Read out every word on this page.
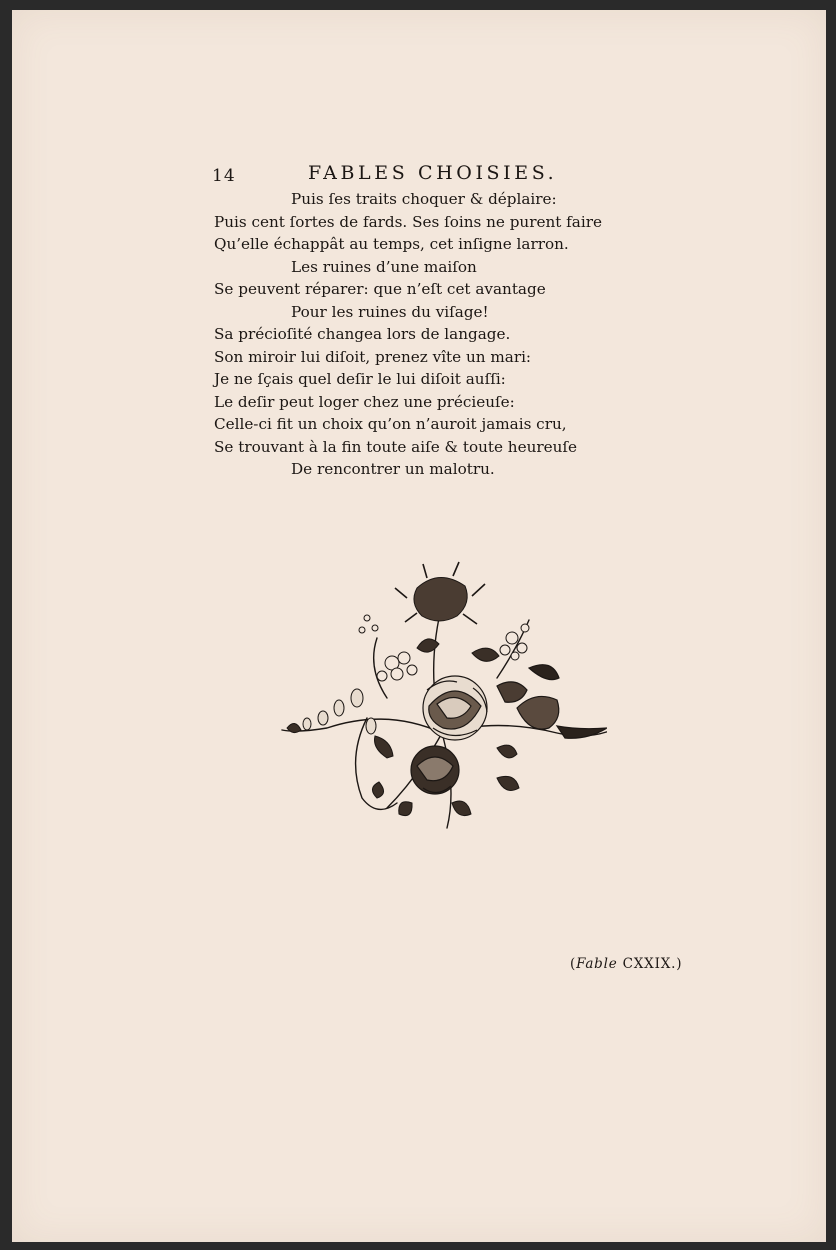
14	FABLES CHOISIES.
Puis ſes traits choquer & déplaire:
Puis cent ſortes de fards. Ses ſoins ne purent faire
Qu’elle échappât au temps, cet inſigne larron.
Les ruines d’une maiſon
Se peuvent réparer: que n’eſt cet avantage
Pour les ruines du viſage!
Sa précioſité changea lors de langage.
Son miroir lui diſoit, prenez vîte un mari:
Je ne ſçais quel deſir le lui diſoit auſſi:
Le deſir peut loger chez une précieuſe:
Celle-ci fit un choix qu’on n’auroit jamais cru,
Se trouvant à la fin toute aiſe & toute heureuſe
De rencontrer un malotru.
(Fable CXXIX.)
